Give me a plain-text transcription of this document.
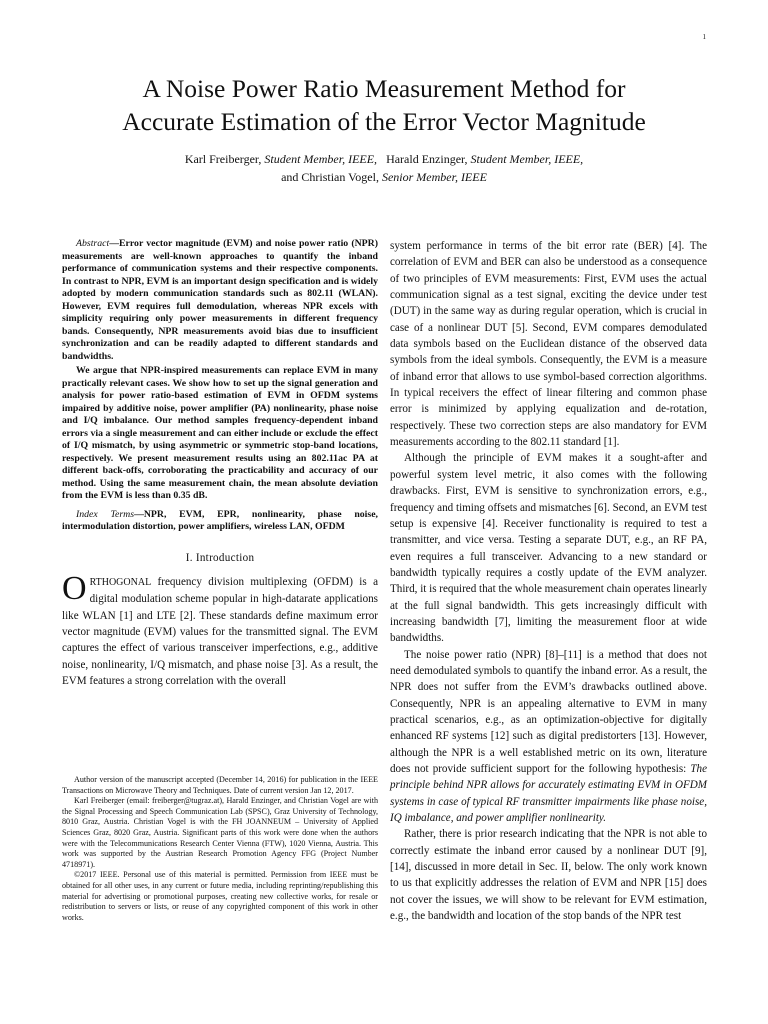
1
A Noise Power Ratio Measurement Method for
Accurate Estimation of the Error Vector Magnitude
Karl Freiberger, Student Member, IEEE, Harald Enzinger, Student Member, IEEE,
and Christian Vogel, Senior Member, IEEE

Abstract—Error vector magnitude (EVM) and noise power ratio (NPR) measurements are well-known approaches to quantify the inband performance of communication systems and their respective components. In contrast to NPR, EVM is an important design specification and is widely adopted by modern communication standards such as 802.11 (WLAN). However, EVM requires full demodulation, whereas NPR excels with simplicity requiring only power measurements in different frequency bands. Consequently, NPR measurements avoid bias due to insufficient synchronization and can be readily adapted to different standards and bandwidths.

We argue that NPR-inspired measurements can replace EVM in many practically relevant cases. We show how to set up the signal generation and analysis for power ratio-based estimation of EVM in OFDM systems impaired by additive noise, power amplifier (PA) nonlinearity, phase noise and I/Q imbalance. Our method samples frequency-dependent inband errors via a single measurement and can either include or exclude the effect of I/Q mismatch, by using asymmetric or symmetric stop-band locations, respectively. We present measurement results using an 802.11ac PA at different back-offs, corroborating the practicability and accuracy of our method. Using the same measurement chain, the mean absolute deviation from the EVM is less than 0.35 dB.

Index Terms—NPR, EVM, EPR, nonlinearity, phase noise, intermodulation distortion, power amplifiers, wireless LAN, OFDM

I. Introduction

ORTHOGONAL frequency division multiplexing (OFDM) is a digital modulation scheme popular in high-datarate applications like WLAN [1] and LTE [2]. These standards define maximum error vector magnitude (EVM) values for the transmitted signal. The EVM captures the effect of various transceiver imperfections, e.g., additive noise, nonlinearity, I/Q mismatch, and phase noise [3]. As a result, the EVM features a strong correlation with the overall

Author version of the manuscript accepted (December 14, 2016) for publication in the IEEE Transactions on Microwave Theory and Techniques. Date of current version Jan 12, 2017.

Karl Freiberger (email: freiberger@tugraz.at), Harald Enzinger, and Christian Vogel are with the Signal Processing and Speech Communication Lab (SPSC), Graz University of Technology, 8010 Graz, Austria. Christian Vogel is with the FH JOANNEUM – University of Applied Sciences Graz, 8020 Graz, Austria. Significant parts of this work were done when the authors were with the Telecommunications Research Center Vienna (FTW), 1020 Vienna, Austria. This work was supported by the Austrian Research Promotion Agency FFG (Project Number 4718971).

©2017 IEEE. Personal use of this material is permitted. Permission from IEEE must be obtained for all other uses, in any current or future media, including reprinting/republishing this material for advertising or promotional purposes, creating new collective works, for resale or redistribution to servers or lists, or reuse of any copyrighted component of this work in other works.

system performance in terms of the bit error rate (BER) [4]. The correlation of EVM and BER can also be understood as a consequence of two principles of EVM measurements: First, EVM uses the actual communication signal as a test signal, exciting the device under test (DUT) in the same way as during regular operation, which is crucial in case of a nonlinear DUT [5]. Second, EVM compares demodulated data symbols based on the Euclidean distance of the observed data symbols from the ideal symbols. Consequently, the EVM is a measure of inband error that allows to use symbol-based correction algorithms. In typical receivers the effect of linear filtering and common phase error is minimized by applying equalization and de-rotation, respectively. These two correction steps are also mandatory for EVM measurements according to the 802.11 standard [1].

Although the principle of EVM makes it a sought-after and powerful system level metric, it also comes with the following drawbacks. First, EVM is sensitive to synchronization errors, e.g., frequency and timing offsets and mismatches [6]. Second, an EVM test setup is expensive [4]. Receiver functionality is required to test a transmitter, and vice versa. Testing a separate DUT, e.g., an RF PA, even requires a full transceiver. Advancing to a new standard or bandwidth typically requires a costly update of the EVM analyzer. Third, it is required that the whole measurement chain operates linearly at the full signal bandwidth. This gets increasingly difficult with increasing bandwidth [7], limiting the measurement floor at wide bandwidths.

The noise power ratio (NPR) [8]–[11] is a method that does not need demodulated symbols to quantify the inband error. As a result, the NPR does not suffer from the EVM’s drawbacks outlined above. Consequently, NPR is an appealing alternative to EVM in many practical scenarios, e.g., as an optimization-objective for digitally enhanced RF systems [12] such as digital predistorters [13]. However, although the NPR is a well established metric on its own, literature does not provide sufficient support for the following hypothesis: The principle behind NPR allows for accurately estimating EVM in OFDM systems in case of typical RF transmitter impairments like phase noise, IQ imbalance, and power amplifier nonlinearity.

Rather, there is prior research indicating that the NPR is not able to correctly estimate the inband error caused by a nonlinear DUT [9], [14], discussed in more detail in Sec. II, below. The only work known to us that explicitly addresses the relation of EVM and NPR [15] does not cover the issues, we will show to be relevant for EVM estimation, e.g., the bandwidth and location of the stop bands of the NPR test
